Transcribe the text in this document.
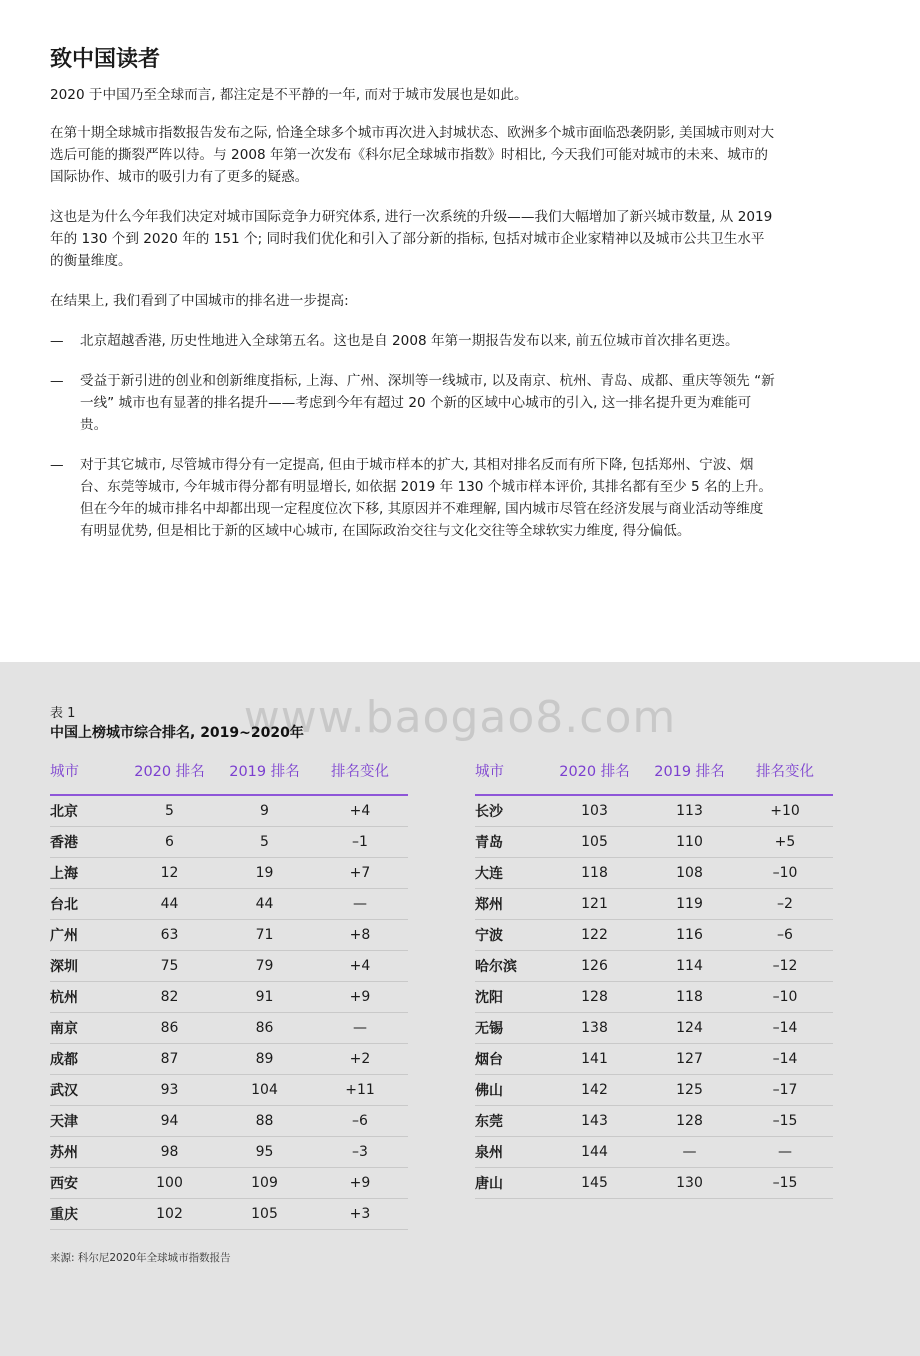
致中国读者

2020 于中国乃至全球而言, 都注定是不平静的一年, 而对于城市发展也是如此。

在第十期全球城市指数报告发布之际, 恰逢全球多个城市再次进入封城状态、欧洲多个城市面临恐袭阴影, 美国城市则对大选后可能的撕裂严阵以待。与 2008 年第一次发布《科尔尼全球城市指数》时相比, 今天我们可能对城市的未来、城市的国际协作、城市的吸引力有了更多的疑惑。

这也是为什么今年我们决定对城市国际竞争力研究体系, 进行一次系统的升级——我们大幅增加了新兴城市数量, 从 2019 年的 130 个到 2020 年的 151 个; 同时我们优化和引入了部分新的指标, 包括对城市企业家精神以及城市公共卫生水平的衡量维度。

在结果上, 我们看到了中国城市的排名进一步提高:

—	北京超越香港, 历史性地进入全球第五名。这也是自 2008 年第一期报告发布以来, 前五位城市首次排名更迭。
—	受益于新引进的创业和创新维度指标, 上海、广州、深圳等一线城市, 以及南京、杭州、青岛、成都、重庆等领先 “新一线” 城市也有显著的排名提升——考虑到今年有超过 20 个新的区域中心城市的引入, 这一排名提升更为难能可贵。
—	对于其它城市, 尽管城市得分有一定提高, 但由于城市样本的扩大, 其相对排名反而有所下降, 包括郑州、宁波、烟台、东莞等城市, 今年城市得分都有明显增长, 如依据 2019 年 130 个城市样本评价, 其排名都有至少 5 名的上升。但在今年的城市排名中却都出现一定程度位次下移, 其原因并不难理解, 国内城市尽管在经济发展与商业活动等维度有明显优势, 但是相比于新的区域中心城市, 在国际政治交往与文化交往等全球软实力维度, 得分偏低。
www.baogao8.com
表 1
中国上榜城市综合排名, 2019~2020年
城市	2020 排名	2019 排名	排名变化
北京	5	9	+4
香港	6	5	–1
上海	12	19	+7
台北	44	44	—
广州	63	71	+8
深圳	75	79	+4
杭州	82	91	+9
南京	86	86	—
成都	87	89	+2
武汉	93	104	+11
天津	94	88	–6
苏州	98	95	–3
西安	100	109	+9
重庆	102	105	+3
城市	2020 排名	2019 排名	排名变化
长沙	103	113	+10
青岛	105	110	+5
大连	118	108	–10
郑州	121	119	–2
宁波	122	116	–6
哈尔滨	126	114	–12
沈阳	128	118	–10
无锡	138	124	–14
烟台	141	127	–14
佛山	142	125	–17
东莞	143	128	–15
泉州	144	—	—
唐山	145	130	–15
来源: 科尔尼2020年全球城市指数报告
